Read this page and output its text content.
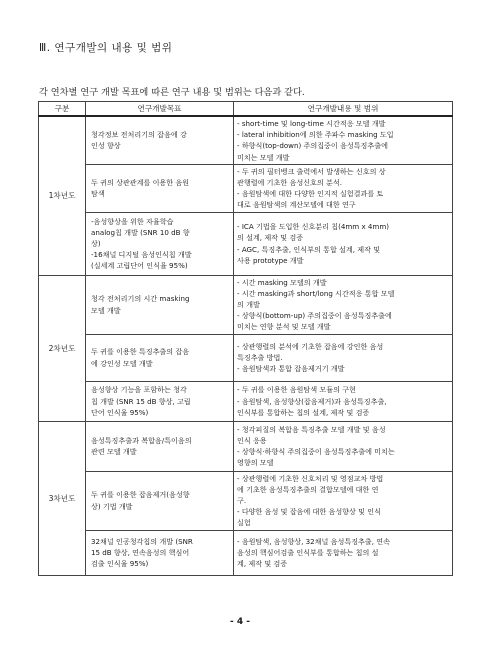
Ⅲ. 연구개발의 내용 및 범위
각 연차별 연구 개발 목표에 따른 연구 내용 및 범위는 다음과 같다.
구분	연구개발목표	연구개발내용 및 범위
1차년도	청각정보 전처리기의 잡음에 강
인성 향상	- short-time 및 long-time 시간적응 모델 개발
- lateral inhibition에 의한 주파수 masking 도입
- 하향식(top-down) 주의집중이 음성특징추출에
미치는 모델 개발

	두 귀의 상관관계를 이용한 음원
탐색	- 두 귀의 필터뱅크 출력에서 발생하는 신호의 상
관행렬에 기초한 음성신호의 분석.
- 음원탐색에 대한 다양한 인지적 실험결과를 토
대로 음원탐색의 계산모델에 대한 연구

	-음성향상을 위한 자율학습
analog칩 개발 (SNR 10 dB 향
상)
-16채널 디지털 음성인식칩 개발
(실세계 고립단어 인식율 95%)	- ICA 기법을 도입한 신호분리 칩(4mm x 4mm)
의 설계, 제작 및 검증
- AGC, 특징추출, 인식부의 통합 설계, 제작 및
사용 prototype 개발

2차년도	청각 전처리기의 시간 masking
모델 개발	- 시간 masking 모델의 개발
- 시간 masking과 short/long 시간적응 통합 모델
의 개발
- 상향식(bottom-up) 주의집중이 음성특징추출에
미치는 연향 분석 및 모델 개발

	두 귀를 이용한 특징추출의 잡음
에 강인성 모델 개발	- 상관행렬의 분석에 기초한 잡음에 강인한 음성
특징추출 방법.
- 음원탐색과 통합 잡음제거기 개발

	음성향상 기능을 포함하는 청각
칩 개발 (SNR 15 dB 향상, 고립
단어 인식율 95%)	- 두 귀를 이용한 음원탐색 모듈의 구현
- 음원탐색, 음성향상(잡음제거)과 음성특징추출,
인식부를 통합하는 칩의 설계, 제작 및 검증

3차년도	음성특징추출과 복합음/특이음의
관련 모델 개발	- 청각피질의 복합음 특징추출 모델 개발 및 음성
인식 응용
- 상향식·하향식 주의집중이 음성특징추출에 미치는
영향의 모델

	두 귀를 이용한 잡음제거(음성향
상) 기법 개발	- 상관행렬에 기초한 신호처리 및 영점교차 방법
에 기초한 음성특징추출의 결합모델에 대한 연
구.
- 다양한 음성 및 잡음에 대한 음성향상 및 인식
실험

	32채널 인공청각칩의 개발 (SNR
15 dB 향상, 연속음성의 핵심어
검출 인식율 95%)	- 음원탐색, 음성향상, 32채널 음성특징추출, 연속
음성의 핵심어검출 인식부를 통합하는 칩의 설
계, 제작 및 검증
- 4 -
